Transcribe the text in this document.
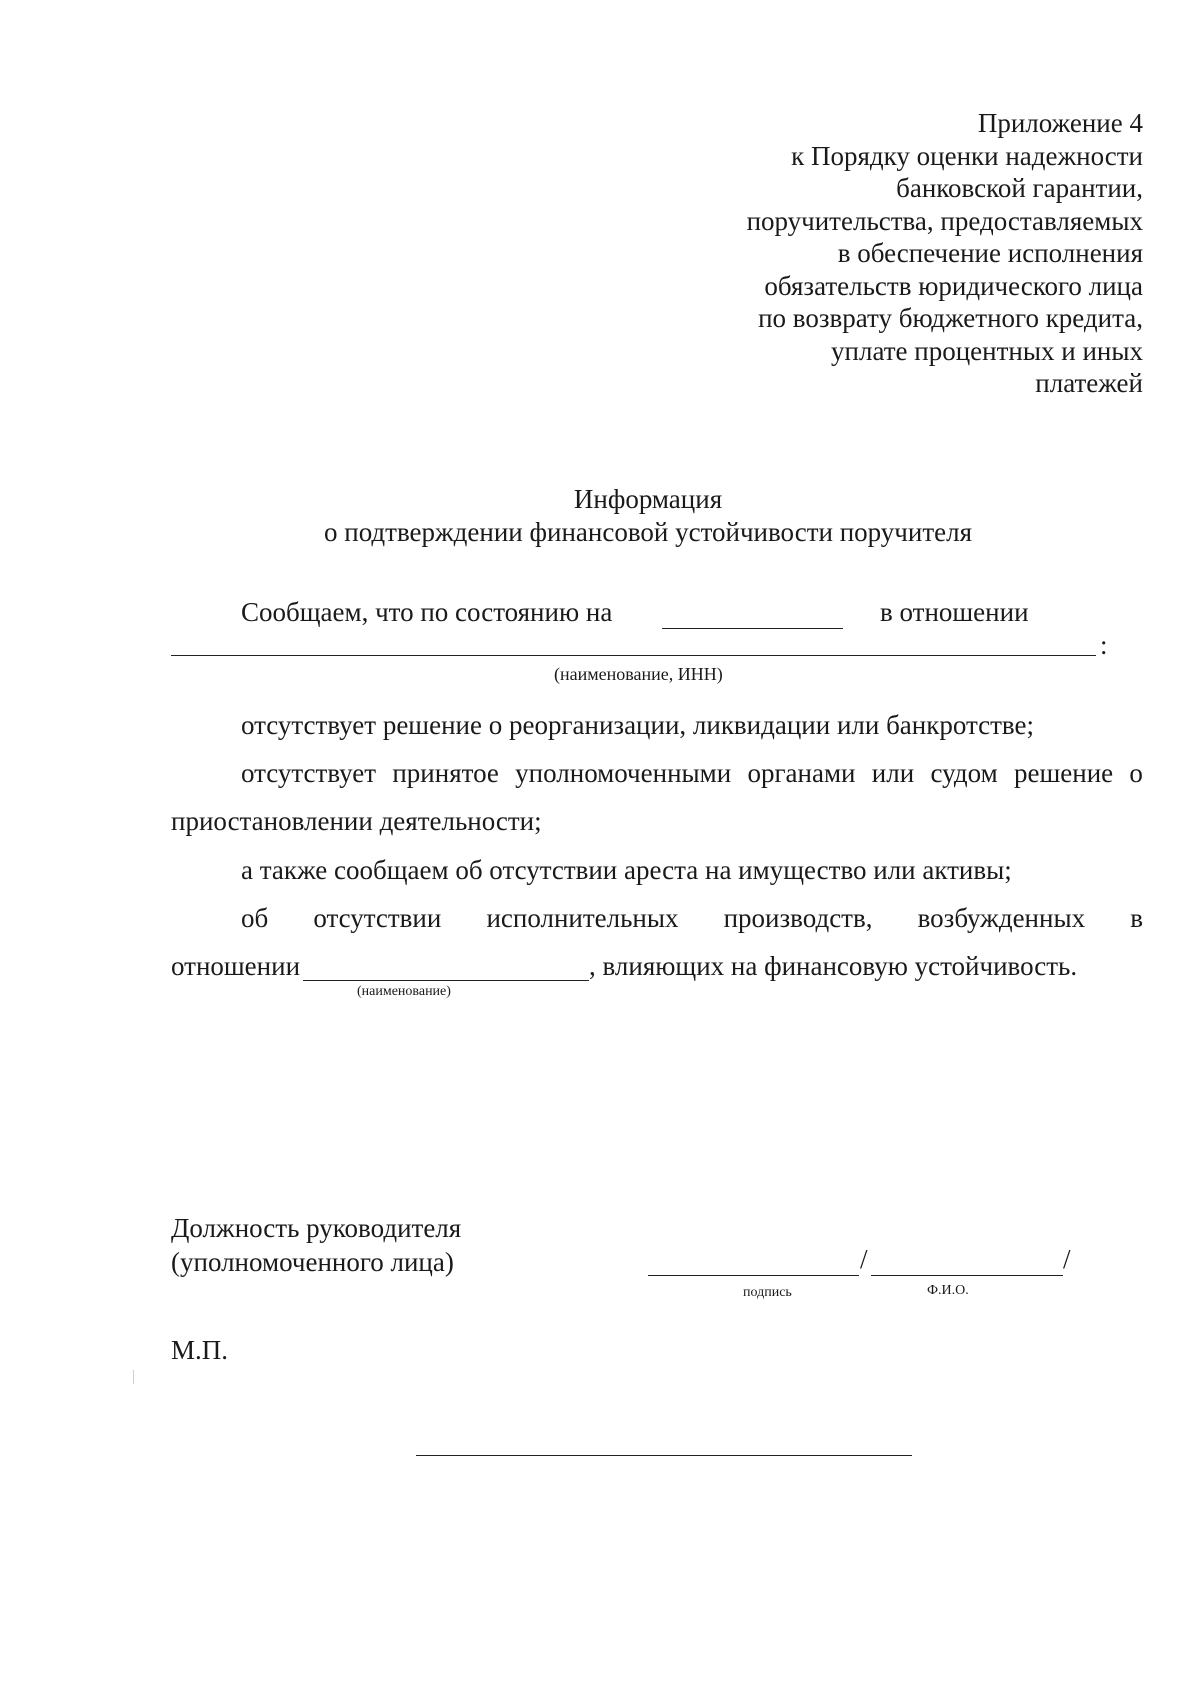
Приложение 4
к Порядку оценки надежности
банковской гарантии,
поручительства, предоставляемых
в обеспечение исполнения
обязательств юридического лица
по возврату бюджетного кредита,
уплате процентных и иных
платежей
Информация
о подтверждении финансовой устойчивости поручителя
Сообщаем, что по состоянию на	в отношении
:
(наименование, ИНН)
отсутствует решение о реорганизации, ликвидации или банкротстве;
отсутствует принятое уполномоченными органами или судом решение о
приостановлении деятельности;
а также сообщаем об отсутствии ареста на имущество или активы;
об отсутствии исполнительных производств, возбужденных в
отношении	, влияющих на финансовую устойчивость.
(наименование)
Должность руководителя
(уполномоченного лица)	/	/
подпись	Ф.И.О.
М.П.
